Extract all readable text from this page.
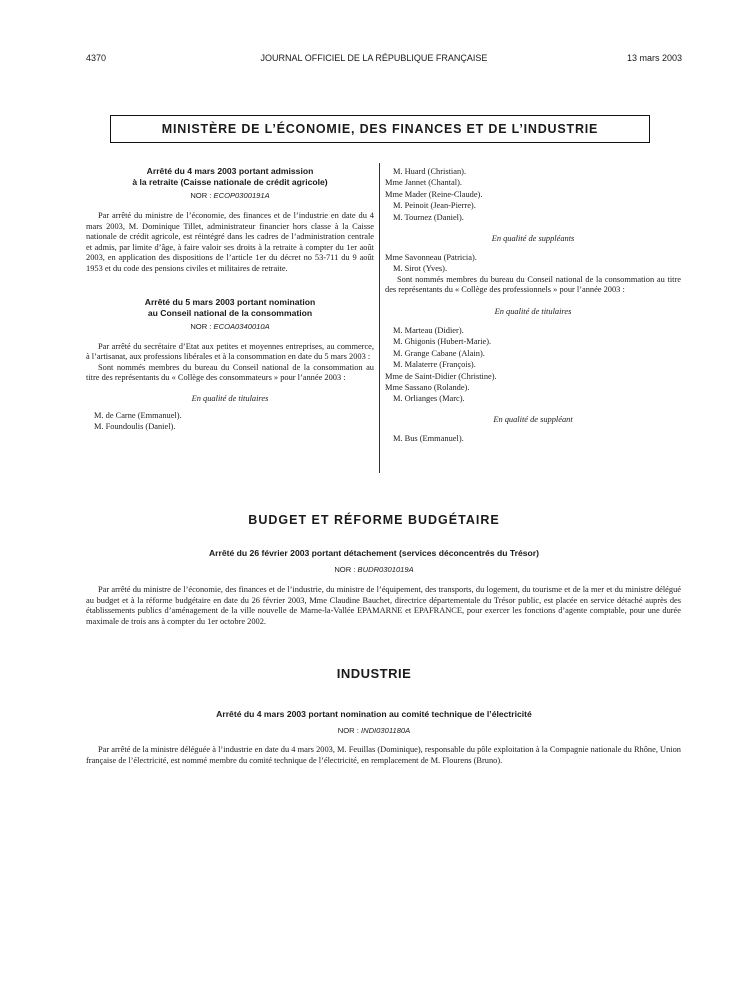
4370	JOURNAL OFFICIEL DE LA RÉPUBLIQUE FRANÇAISE	13 mars 2003
MINISTÈRE DE L’ÉCONOMIE, DES FINANCES ET DE L’INDUSTRIE
Arrêté du 4 mars 2003 portant admission
à la retraite (Caisse nationale de crédit agricole)
NOR : ECOP0300191A

Par arrêté du ministre de l’économie, des finances et de l’industrie en date du 4 mars 2003, M. Dominique Tillet, administrateur financier hors classe à la Caisse nationale de crédit agricole, est réintégré dans les cadres de l’administration centrale et admis, par limite d’âge, à faire valoir ses droits à la retraite à compter du 1er août 2003, en application des dispositions de l’article 1er du décret no 53-711 du 9 août 1953 et du code des pensions civiles et militaires de retraite.

Arrêté du 5 mars 2003 portant nomination
au Conseil national de la consommation
NOR : ECOA0340010A

Par arrêté du secrétaire d’Etat aux petites et moyennes entreprises, au commerce, à l’artisanat, aux professions libérales et à la consommation en date du 5 mars 2003 :

Sont nommés membres du bureau du Conseil national de la consommation au titre des représentants du « Collège des consommateurs » pour l’année 2003 :

En qualité de titulaires
M. de Carne (Emmanuel).
M. Foundoulis (Daniel).
M. Huard (Christian).
Mme Jannet (Chantal).
Mme Mader (Reine-Claude).
M. Peinoit (Jean-Pierre).
M. Tournez (Daniel).
En qualité de suppléants
Mme Savonneau (Patricia).
M. Sirot (Yves).

Sont nommés membres du bureau du Conseil national de la consommation au titre des représentants du « Collège des professionnels » pour l’année 2003 :

En qualité de titulaires
M. Marteau (Didier).
M. Ghigonis (Hubert-Marie).
M. Grange Cabane (Alain).
M. Malaterre (François).
Mme de Saint-Didier (Christine).
Mme Sassano (Rolande).
M. Orlianges (Marc).
En qualité de suppléant
M. Bus (Emmanuel).
BUDGET ET RÉFORME BUDGÉTAIRE
Arrêté du 26 février 2003 portant détachement (services déconcentrés du Trésor)
NOR : BUDR0301019A

Par arrêté du ministre de l’économie, des finances et de l’industrie, du ministre de l’équipement, des transports, du logement, du tourisme et de la mer et du ministre délégué au budget et à la réforme budgétaire en date du 26 février 2003, Mme Claudine Bauchet, directrice départementale du Trésor public, est placée en service détaché auprès des établissements publics d’aménagement de la ville nouvelle de Marne-la-Vallée EPAMARNE et EPAFRANCE, pour exercer les fonctions d’agente comptable, pour une durée maximale de trois ans à compter du 1er octobre 2002.

INDUSTRIE
Arrêté du 4 mars 2003 portant nomination au comité technique de l’électricité
NOR : INDI0301180A

Par arrêté de la ministre déléguée à l’industrie en date du 4 mars 2003, M. Feuillas (Dominique), responsable du pôle exploitation à la Compagnie nationale du Rhône, Union française de l’électricité, est nommé membre du comité technique de l’électricité, en remplacement de M. Flourens (Bruno).
